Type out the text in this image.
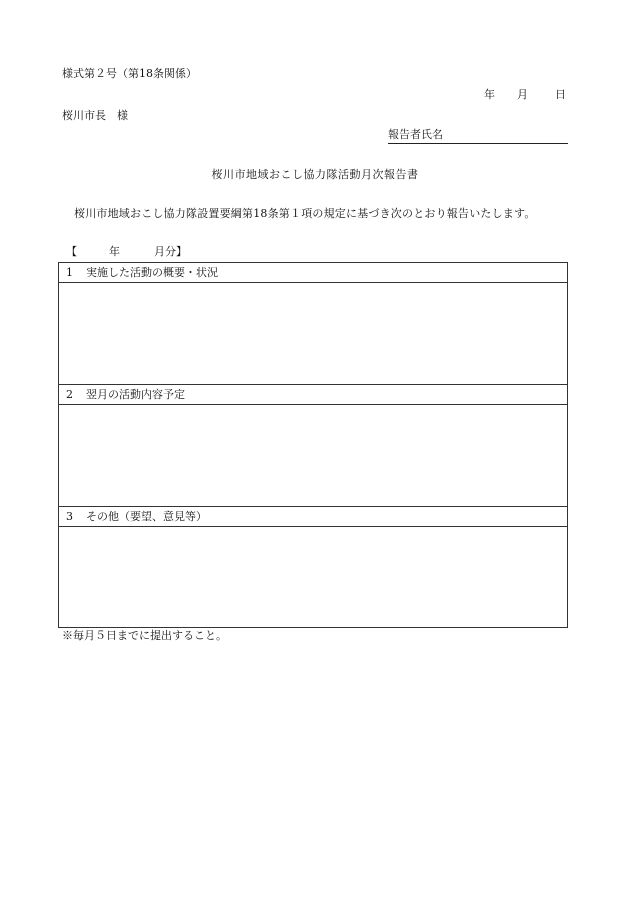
様式第２号（第18条関係）
年 月 日
桜川市長　様
報告者氏名
桜川市地域おこし協力隊活動月次報告書
桜川市地域おこし協力隊設置要綱第18条第１項の規定に基づき次のとおり報告いたします。
【	年	月分】
1 実施した活動の概要・状況
2 翌月の活動内容予定
3 その他（要望、意見等）
※毎月５日までに提出すること。
